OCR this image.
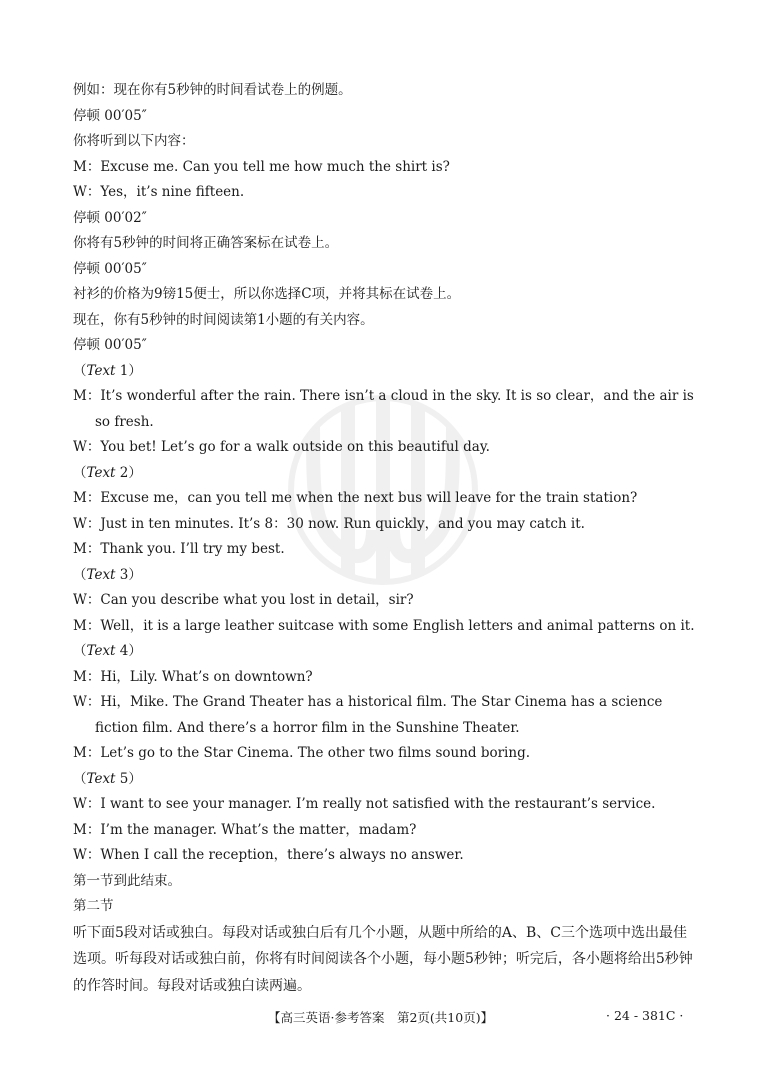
例如：现在你有5秒钟的时间看试卷上的例题。
停顿 00′05″
你将听到以下内容：
M：Excuse me. Can you tell me how much the shirt is?
W：Yes，it’s nine fifteen.
停顿 00′02″
你将有5秒钟的时间将正确答案标在试卷上。
停顿 00′05″
衬衫的价格为9镑15便士，所以你选择C项，并将其标在试卷上。
现在，你有5秒钟的时间阅读第1小题的有关内容。
停顿 00′05″
（Text 1）
M：It’s wonderful after the rain. There isn’t a cloud in the sky. It is so clear，and the air is so fresh.
W：You bet! Let’s go for a walk outside on this beautiful day.
（Text 2）
M：Excuse me，can you tell me when the next bus will leave for the train station?
W：Just in ten minutes. It’s 8：30 now. Run quickly，and you may catch it.
M：Thank you. I’ll try my best.
（Text 3）
W：Can you describe what you lost in detail，sir?
M：Well，it is a large leather suitcase with some English letters and animal patterns on it.
（Text 4）
M：Hi，Lily. What’s on downtown?
W：Hi，Mike. The Grand Theater has a historical film. The Star Cinema has a science fiction film. And there’s a horror film in the Sunshine Theater.
M：Let’s go to the Star Cinema. The other two films sound boring.
（Text 5）
W：I want to see your manager. I’m really not satisfied with the restaurant’s service.
M：I’m the manager. What’s the matter，madam?
W：When I call the reception，there’s always no answer.
第一节到此结束。
第二节
听下面5段对话或独白。每段对话或独白后有几个小题，从题中所给的A、B、C三个选项中选出最佳选项。听每段对话或独白前，你将有时间阅读各个小题，每小题5秒钟；听完后，各小题将给出5秒钟的作答时间。每段对话或独白读两遍。
【高三英语·参考答案　第2页(共10页)】	· 24 - 381C ·
